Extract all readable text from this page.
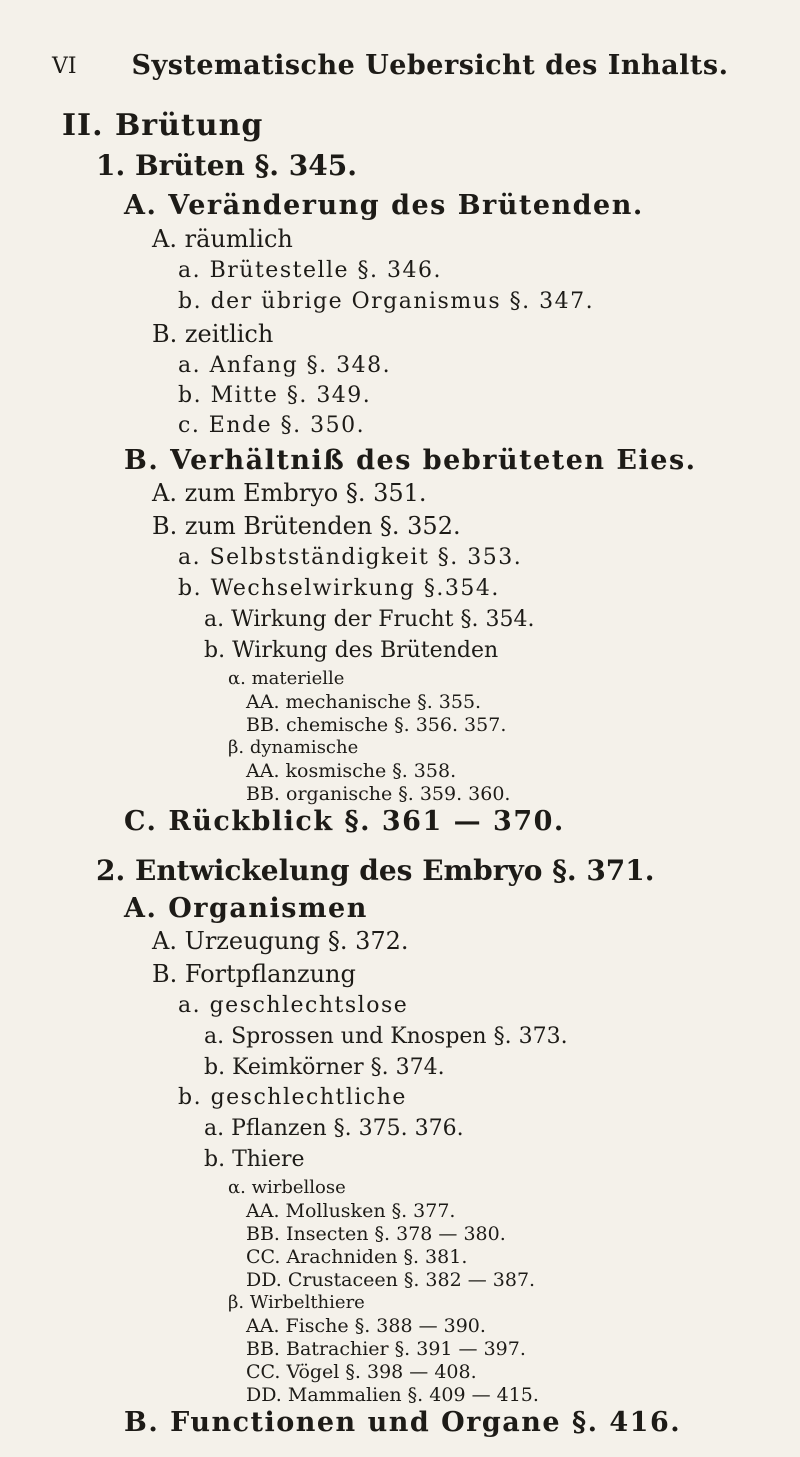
VI	Systematische Uebersicht des Inhalts.
II. Brütung
1. Brüten §. 345.
A. Veränderung des Brütenden.
A. räumlich
a. Brütestelle §. 346.
b. der übrige Organismus §. 347.
B. zeitlich
a. Anfang §. 348.
b. Mitte §. 349.
c. Ende §. 350.
B. Verhältniß des bebrüteten Eies.
A. zum Embryo §. 351.
B. zum Brütenden §. 352.
a. Selbstständigkeit §. 353.
b. Wechselwirkung §.354.
a. Wirkung der Frucht §. 354.
b. Wirkung des Brütenden
α. materielle
AA. mechanische §. 355.
BB. chemische §. 356. 357.
β. dynamische
AA. kosmische §. 358.
BB. organische §. 359. 360.
C. Rückblick §. 361 — 370.
2. Entwickelung des Embryo §. 371.
A. Organismen
A. Urzeugung §. 372.
B. Fortpflanzung
a. geschlechtslose
a. Sprossen und Knospen §. 373.
b. Keimkörner §. 374.
b. geschlechtliche
a. Pflanzen §. 375. 376.
b. Thiere
α. wirbellose
AA. Mollusken §. 377.
BB. Insecten §. 378 — 380.
CC. Arachniden §. 381.
DD. Crustaceen §. 382 — 387.
β. Wirbelthiere
AA. Fische §. 388 — 390.
BB. Batrachier §. 391 — 397.
CC. Vögel §. 398 — 408.
DD. Mammalien §. 409 — 415.
B. Functionen und Organe §. 416.
